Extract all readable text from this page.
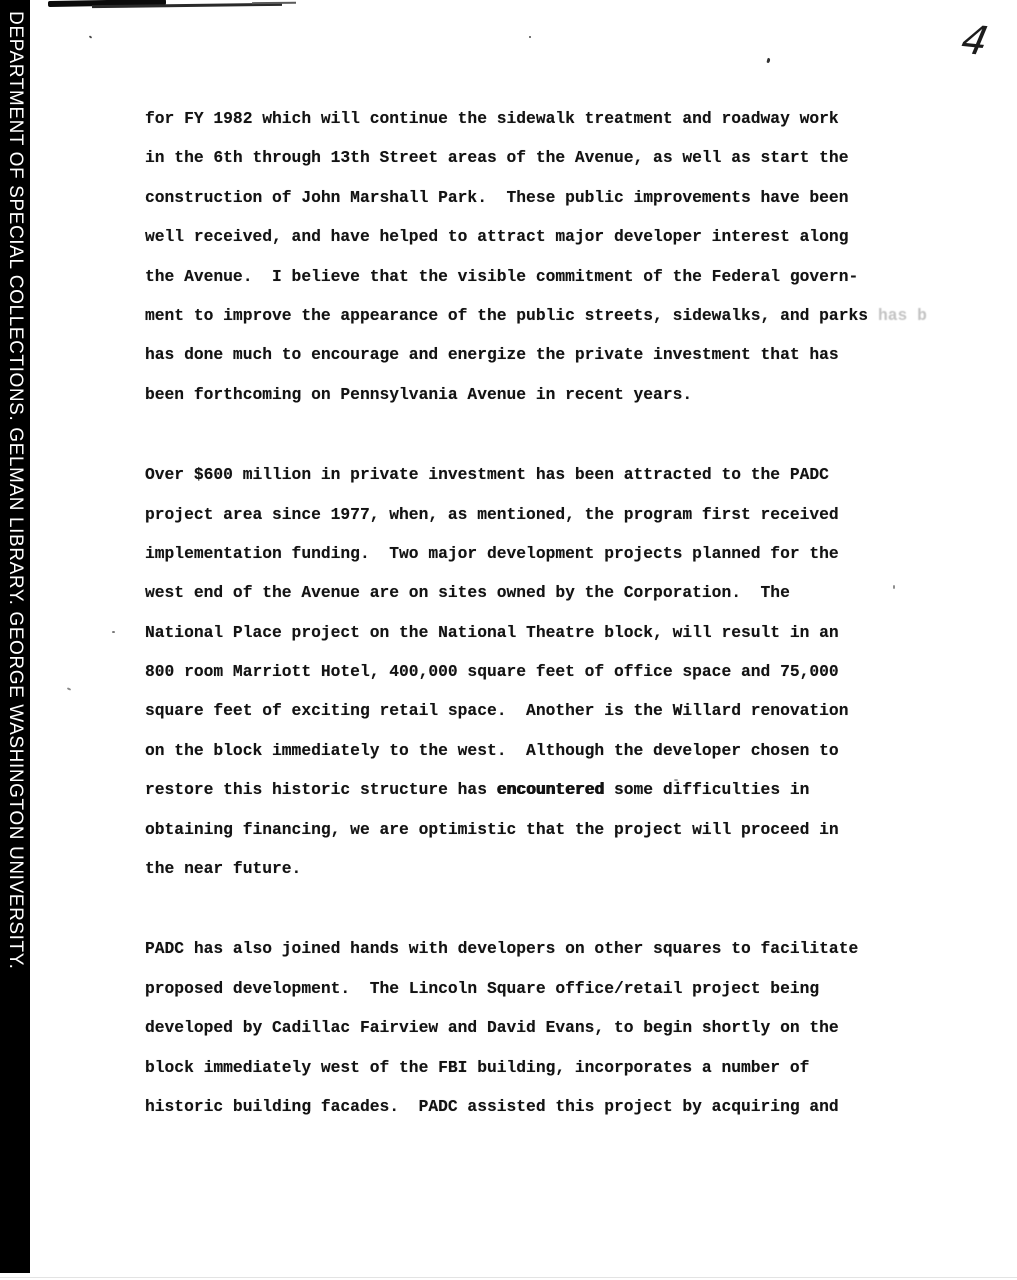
DEPARTMENT OF SPECIAL COLLECTIONS. GELMAN LIBRARY. GEORGE WASHINGTON UNIVERSITY.	4
for FY 1982 which will continue the sidewalk treatment and roadway work
in the 6th through 13th Street areas of the Avenue, as well as start the
construction of John Marshall Park.  These public improvements have been
well received, and have helped to attract major developer interest along
the Avenue.  I believe that the visible commitment of the Federal govern-
ment to improve the appearance of the public streets, sidewalks, and parks has b
has done much to encourage and energize the private investment that has
been forthcoming on Pennsylvania Avenue in recent years.
Over $600 million in private investment has been attracted to the PADC
project area since 1977, when, as mentioned, the program first received
implementation funding.  Two major development projects planned for the
west end of the Avenue are on sites owned by the Corporation.  The
National Place project on the National Theatre block, will result in an
800 room Marriott Hotel, 400,000 square feet of office space and 75,000
square feet of exciting retail space.  Another is the Willard renovation
on the block immediately to the west.  Although the developer chosen to
restore this historic structure has encountered some difficulties in
obtaining financing, we are optimistic that the project will proceed in
the near future.
PADC has also joined hands with developers on other squares to facilitate
proposed development.  The Lincoln Square office/retail project being
developed by Cadillac Fairview and David Evans, to begin shortly on the
block immediately west of the FBI building, incorporates a number of
historic building facades.  PADC assisted this project by acquiring and
